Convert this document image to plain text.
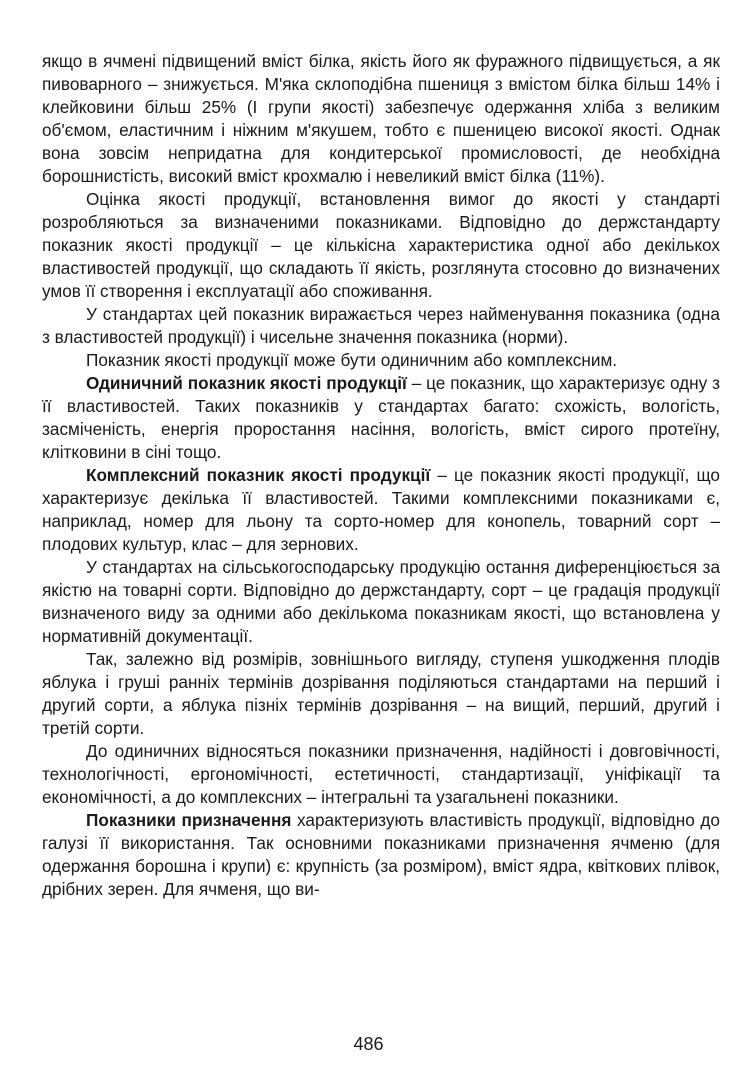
якщо в ячмені підвищений вміст білка, якість його як фуражного підвищується, а як пивоварного – знижується. М'яка склоподібна пшениця з вмістом білка більш 14% і клейковини більш 25% (І групи якості) забезпечує одержання хліба з великим об'ємом, еластичним і ніжним м'якушем, тобто є пшеницею високої якості. Однак вона зовсім непридатна для кондитерської промисловості, де необхідна борошнистість, високий вміст крохмалю і невеликий вміст білка (11%).

Оцінка якості продукції, встановлення вимог до якості у стандарті розробляються за визначеними показниками. Відповідно до держстандарту показник якості продукції – це кількісна характеристика одної або декількох властивостей продукції, що складають її якість, розглянута стосовно до визначених умов її створення і експлуатації або споживання.

У стандартах цей показник виражається через найменування показника (одна з властивостей продукції) і чисельне значення показника (норми).

Показник якості продукції може бути одиничним або комплексним.

Одиничний показник якості продукції – це показник, що характеризує одну з її властивостей. Таких показників у стандартах багато: схожість, вологість, засміченість, енергія проростання насіння, вологість, вміст сирого протеїну, клітковини в сіні тощо.

Комплексний показник якості продукції – це показник якості продукції, що характеризує декілька її властивостей. Такими комплексними показниками є, наприклад, номер для льону та сорто-номер для конопель, товарний сорт – плодових культур, клас – для зернових.

У стандартах на сільськогосподарську продукцію остання диференціюється за якістю на товарні сорти. Відповідно до держстандарту, сорт – це градація продукції визначеного виду за одними або декількома показникам якості, що встановлена у нормативній документації.

Так, залежно від розмірів, зовнішнього вигляду, ступеня ушкодження плодів яблука і груші ранніх термінів дозрівання поділяються стандартами на перший і другий сорти, а яблука пізніх термінів дозрівання – на вищий, перший, другий і третій сорти.

До одиничних відносяться показники призначення, надійності і довговічності, технологічності, ергономічності, естетичності, стандартизації, уніфікації та економічності, а до комплексних – інтегральні та узагальнені показники.

Показники призначення характеризують властивість продукції, відповідно до галузі її використання. Так основними показниками призначення ячменю (для одержання борошна і крупи) є: крупність (за розміром), вміст ядра, квіткових плівок, дрібних зерен. Для ячменя, що ви-

486
